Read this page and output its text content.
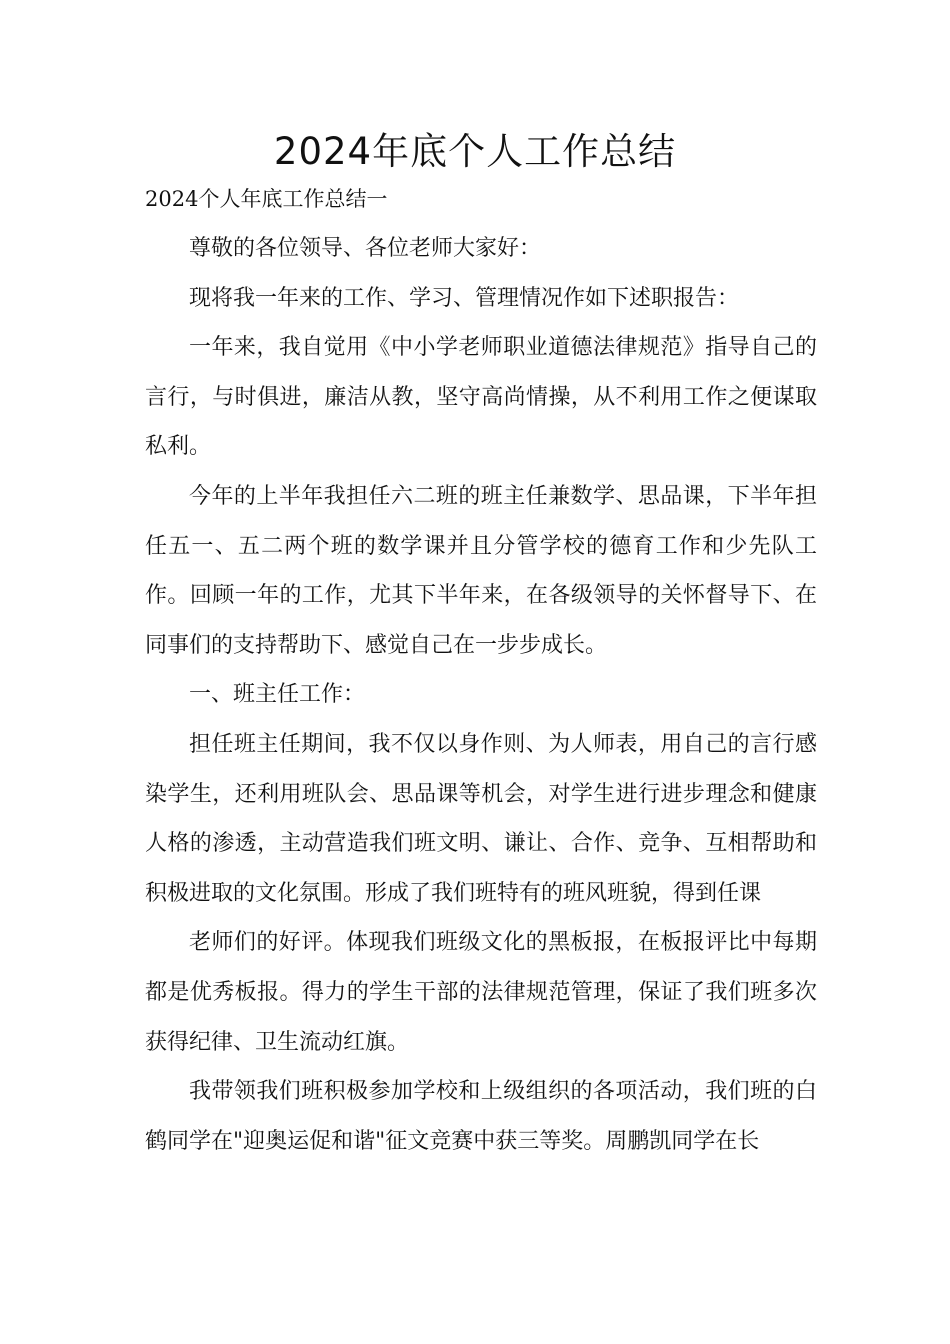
2024年底个人工作总结

2024个人年底工作总结一

尊敬的各位领导、各位老师大家好：

现将我一年来的工作、学习、管理情况作如下述职报告：

一年来，我自觉用《中小学老师职业道德法律规范》指导自己的言行，与时俱进，廉洁从教，坚守高尚情操，从不利用工作之便谋取私利。

今年的上半年我担任六二班的班主任兼数学、思品课，下半年担任五一、五二两个班的数学课并且分管学校的德育工作和少先队工作。回顾一年的工作，尤其下半年来，在各级领导的关怀督导下、在同事们的支持帮助下、感觉自己在一步步成长。

一、班主任工作：

担任班主任期间，我不仅以身作则、为人师表，用自己的言行感染学生，还利用班队会、思品课等机会，对学生进行进步理念和健康人格的渗透，主动营造我们班文明、谦让、合作、竞争、互相帮助和积极进取的文化氛围。形成了我们班特有的班风班貌，得到任课

老师们的好评。体现我们班级文化的黑板报，在板报评比中每期都是优秀板报。得力的学生干部的法律规范管理，保证了我们班多次获得纪律、卫生流动红旗。

我带领我们班积极参加学校和上级组织的各项活动，我们班的白鹤同学在"迎奥运促和谐"征文竞赛中获三等奖。周鹏凯同学在长
